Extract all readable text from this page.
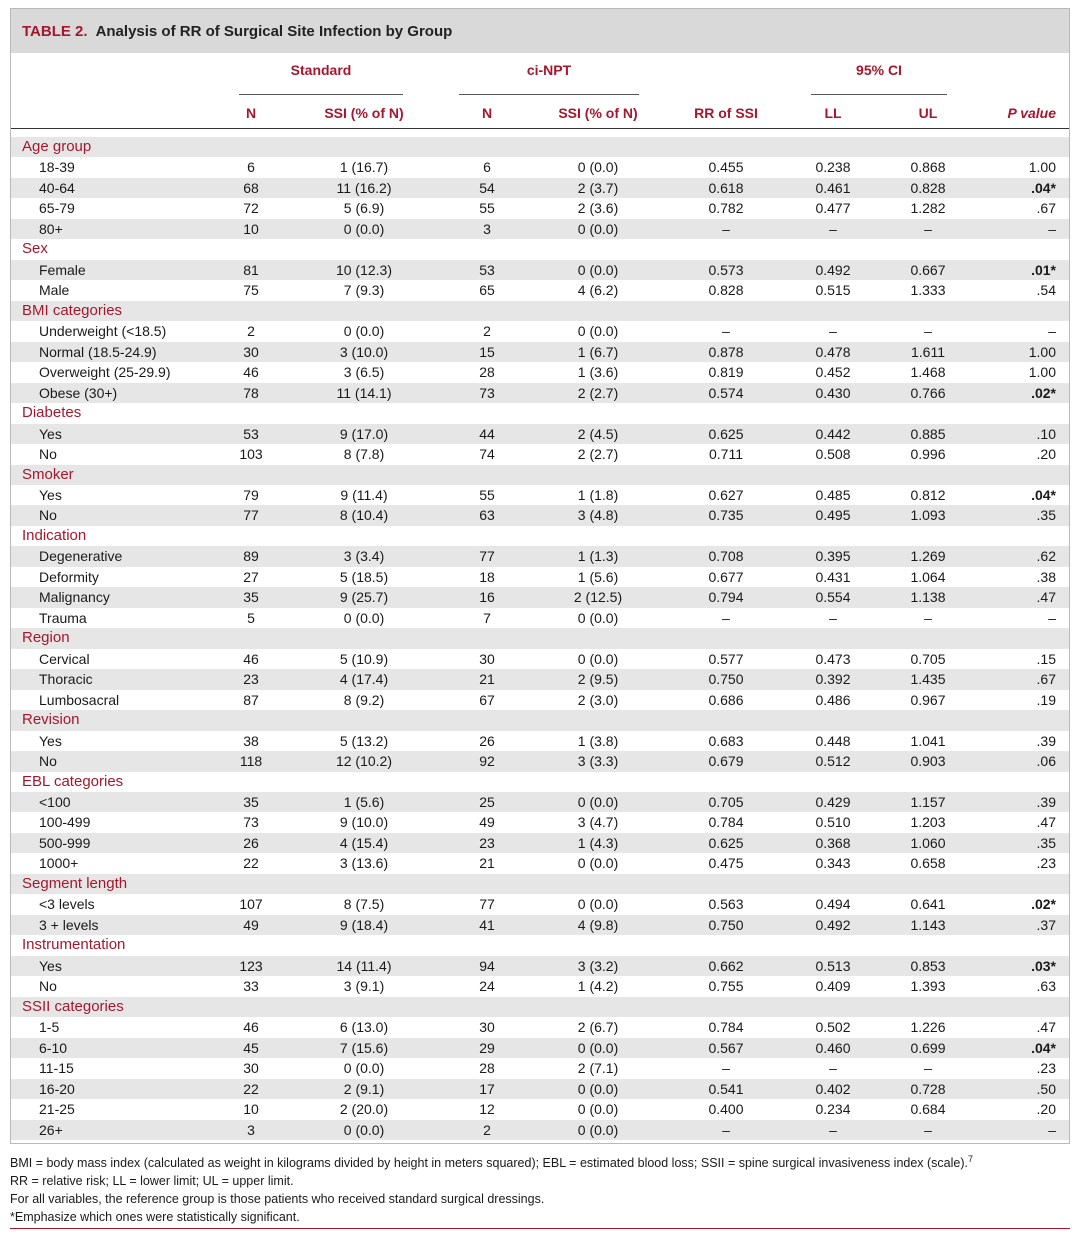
TABLE 2. Analysis of RR of Surgical Site Infection by Group
Standard	ci-NPT	95% CI
N	SSI (% of N)	N	SSI (% of N)	RR of SSI	LL	UL	P value
Age group
18-39	6	1 (16.7)	6	0 (0.0)	0.455	0.238	0.868	1.00
40-64	68	11 (16.2)	54	2 (3.7)	0.618	0.461	0.828	.04*
65-79	72	5 (6.9)	55	2 (3.6)	0.782	0.477	1.282	.67
80+	10	0 (0.0)	3	0 (0.0)	–	–	–	–
Sex
Female	81	10 (12.3)	53	0 (0.0)	0.573	0.492	0.667	.01*
Male	75	7 (9.3)	65	4 (6.2)	0.828	0.515	1.333	.54
BMI categories
Underweight (<18.5)	2	0 (0.0)	2	0 (0.0)	–	–	–	–
Normal (18.5-24.9)	30	3 (10.0)	15	1 (6.7)	0.878	0.478	1.611	1.00
Overweight (25-29.9)	46	3 (6.5)	28	1 (3.6)	0.819	0.452	1.468	1.00
Obese (30+)	78	11 (14.1)	73	2 (2.7)	0.574	0.430	0.766	.02*
Diabetes
Yes	53	9 (17.0)	44	2 (4.5)	0.625	0.442	0.885	.10
No	103	8 (7.8)	74	2 (2.7)	0.711	0.508	0.996	.20
Smoker
Yes	79	9 (11.4)	55	1 (1.8)	0.627	0.485	0.812	.04*
No	77	8 (10.4)	63	3 (4.8)	0.735	0.495	1.093	.35
Indication
Degenerative	89	3 (3.4)	77	1 (1.3)	0.708	0.395	1.269	.62
Deformity	27	5 (18.5)	18	1 (5.6)	0.677	0.431	1.064	.38
Malignancy	35	9 (25.7)	16	2 (12.5)	0.794	0.554	1.138	.47
Trauma	5	0 (0.0)	7	0 (0.0)	–	–	–	–
Region
Cervical	46	5 (10.9)	30	0 (0.0)	0.577	0.473	0.705	.15
Thoracic	23	4 (17.4)	21	2 (9.5)	0.750	0.392	1.435	.67
Lumbosacral	87	8 (9.2)	67	2 (3.0)	0.686	0.486	0.967	.19
Revision
Yes	38	5 (13.2)	26	1 (3.8)	0.683	0.448	1.041	.39
No	118	12 (10.2)	92	3 (3.3)	0.679	0.512	0.903	.06
EBL categories
<100	35	1 (5.6)	25	0 (0.0)	0.705	0.429	1.157	.39
100-499	73	9 (10.0)	49	3 (4.7)	0.784	0.510	1.203	.47
500-999	26	4 (15.4)	23	1 (4.3)	0.625	0.368	1.060	.35
1000+	22	3 (13.6)	21	0 (0.0)	0.475	0.343	0.658	.23
Segment length
<3 levels	107	8 (7.5)	77	0 (0.0)	0.563	0.494	0.641	.02*
3 + levels	49	9 (18.4)	41	4 (9.8)	0.750	0.492	1.143	.37
Instrumentation
Yes	123	14 (11.4)	94	3 (3.2)	0.662	0.513	0.853	.03*
No	33	3 (9.1)	24	1 (4.2)	0.755	0.409	1.393	.63
SSII categories
1-5	46	6 (13.0)	30	2 (6.7)	0.784	0.502	1.226	.47
6-10	45	7 (15.6)	29	0 (0.0)	0.567	0.460	0.699	.04*
11-15	30	0 (0.0)	28	2 (7.1)	–	–	–	.23
16-20	22	2 (9.1)	17	0 (0.0)	0.541	0.402	0.728	.50
21-25	10	2 (20.0)	12	0 (0.0)	0.400	0.234	0.684	.20
26+	3	0 (0.0)	2	0 (0.0)	–	–	–	–
BMI = body mass index (calculated as weight in kilograms divided by height in meters squared); EBL = estimated blood loss; SSII = spine surgical invasiveness index (scale).$^7$
RR = relative risk; LL = lower limit; UL = upper limit.
For all variables, the reference group is those patients who received standard surgical dressings.
*Emphasize which ones were statistically significant.
